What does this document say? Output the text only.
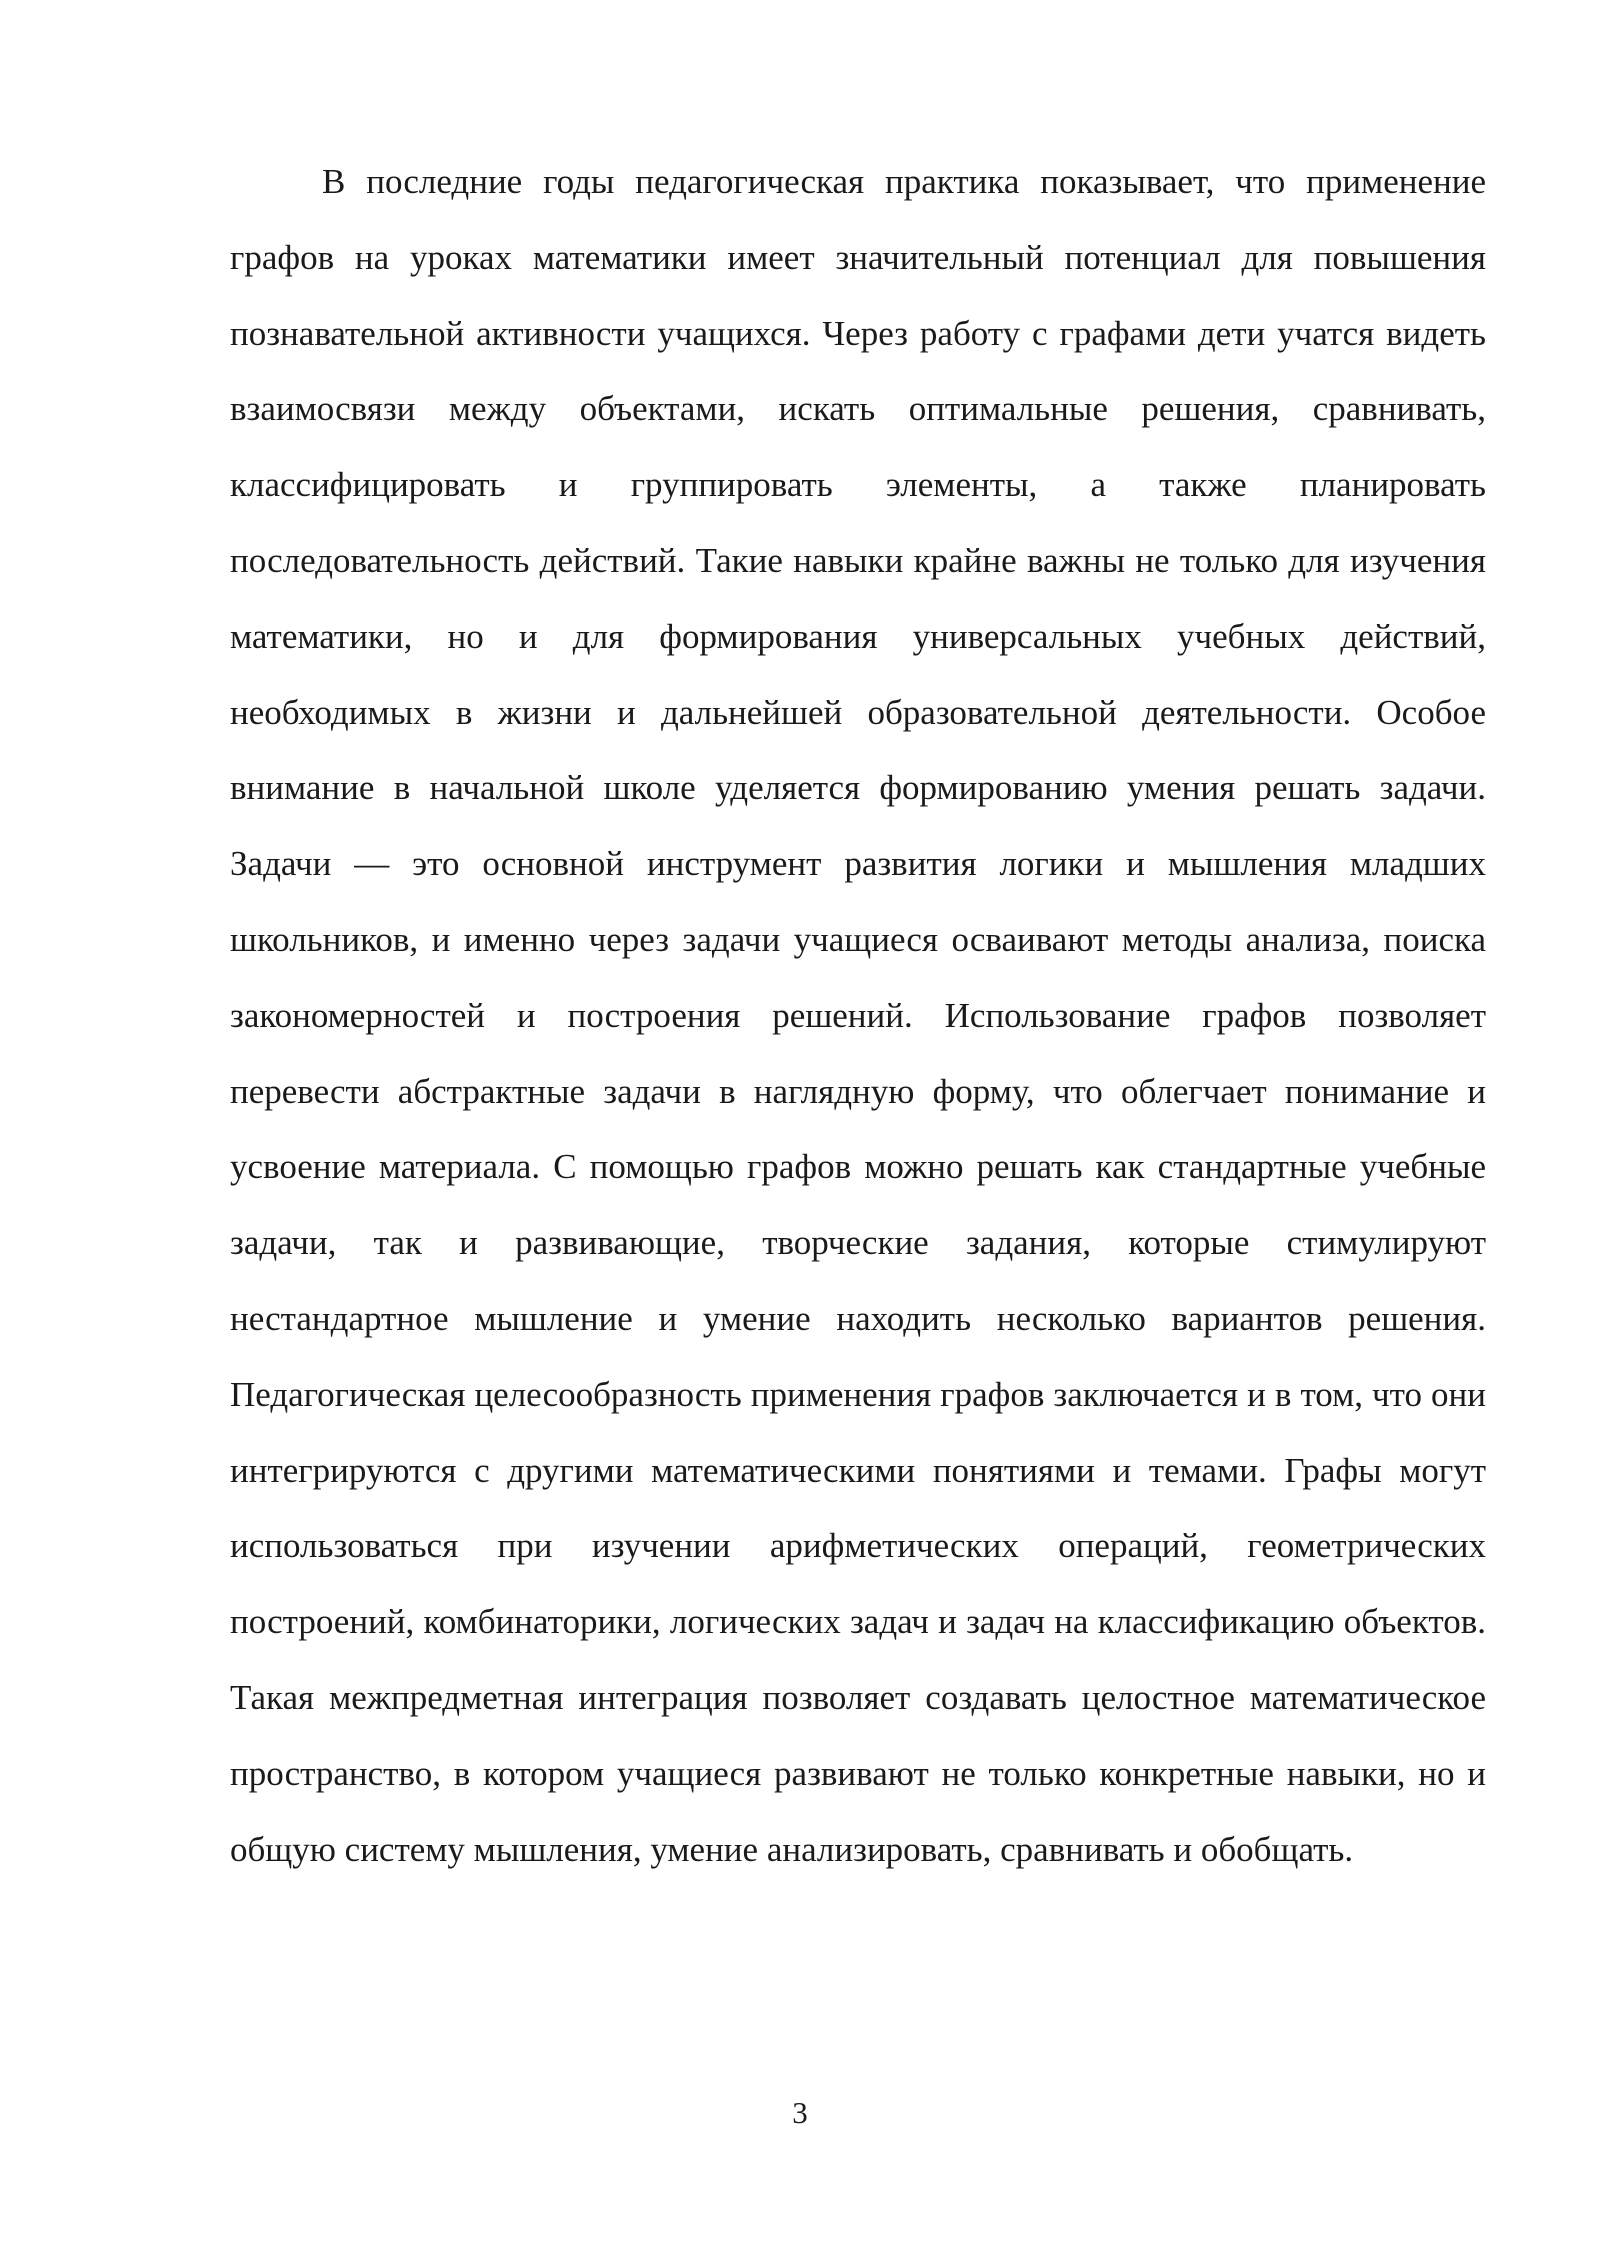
В последние годы педагогическая практика показывает, что применение графов на уроках математики имеет значительный потенциал для повышения познавательной активности учащихся. Через работу с графами дети учатся видеть взаимосвязи между объектами, искать оптимальные решения, сравнивать, классифицировать и группировать элементы, а также планировать последовательность действий. Такие навыки крайне важны не только для изучения математики, но и для формирования универсальных учебных действий, необходимых в жизни и дальнейшей образовательной деятельности. Особое внимание в начальной школе уделяется формированию умения решать задачи. Задачи — это основной инструмент развития логики и мышления младших школьников, и именно через задачи учащиеся осваивают методы анализа, поиска закономерностей и построения решений. Использование графов позволяет перевести абстрактные задачи в наглядную форму, что облегчает понимание и усвоение материала. С помощью графов можно решать как стандартные учебные задачи, так и развивающие, творческие задания, которые стимулируют нестандартное мышление и умение находить несколько вариантов решения. Педагогическая целесообразность применения графов заключается и в том, что они интегрируются с другими математическими понятиями и темами. Графы могут использоваться при изучении арифметических операций, геометрических построений, комбинаторики, логических задач и задач на классификацию объектов. Такая межпредметная интеграция позволяет создавать целостное математическое пространство, в котором учащиеся развивают не только конкретные навыки, но и общую систему мышления, умение анализировать, сравнивать и обобщать.

3
